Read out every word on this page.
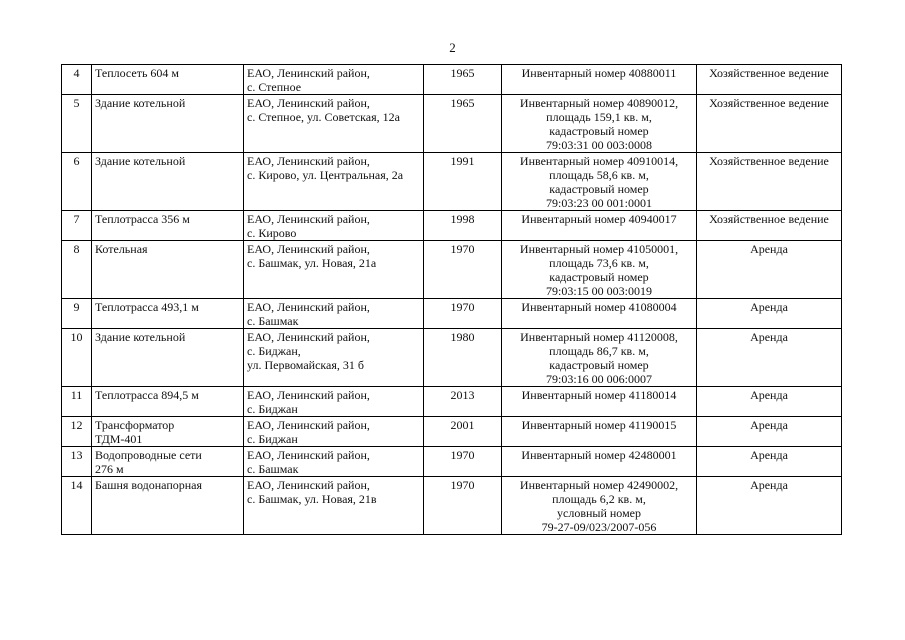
2
4	Теплосеть 604 м	ЕАО, Ленинский район,
с. Степное	1965	Инвентарный номер 40880011	Хозяйственное ведение
5	Здание котельной	ЕАО, Ленинский район,
с. Степное, ул. Советская, 12а	1965	Инвентарный номер 40890012,
площадь 159,1 кв. м,
кадастровый номер
79:03:31 00 003:0008	Хозяйственное ведение
6	Здание котельной	ЕАО, Ленинский район,
с. Кирово, ул. Центральная, 2а	1991	Инвентарный номер 40910014,
площадь 58,6 кв. м,
кадастровый номер
79:03:23 00 001:0001	Хозяйственное ведение
7	Теплотрасса 356 м	ЕАО, Ленинский район,
с. Кирово	1998	Инвентарный номер 40940017	Хозяйственное ведение
8	Котельная	ЕАО, Ленинский район,
с. Башмак, ул. Новая, 21а	1970	Инвентарный номер 41050001,
площадь 73,6 кв. м,
кадастровый номер
79:03:15 00 003:0019	Аренда
9	Теплотрасса 493,1 м	ЕАО, Ленинский район,
с. Башмак	1970	Инвентарный номер 41080004	Аренда
10	Здание котельной	ЕАО, Ленинский район,
с. Биджан,
ул. Первомайская, 31 б	1980	Инвентарный номер 41120008,
площадь 86,7 кв. м,
кадастровый номер
79:03:16 00 006:0007	Аренда
11	Теплотрасса 894,5 м	ЕАО, Ленинский район,
с. Биджан	2013	Инвентарный номер 41180014	Аренда
12	Трансформатор
ТДМ-401	ЕАО, Ленинский район,
с. Биджан	2001	Инвентарный номер 41190015	Аренда
13	Водопроводные сети
276 м	ЕАО, Ленинский район,
с. Башмак	1970	Инвентарный номер 42480001	Аренда
14	Башня водонапорная	ЕАО, Ленинский район,
с. Башмак, ул. Новая, 21в	1970	Инвентарный номер 42490002,
площадь 6,2 кв. м,
условный номер
79-27-09/023/2007-056	Аренда
